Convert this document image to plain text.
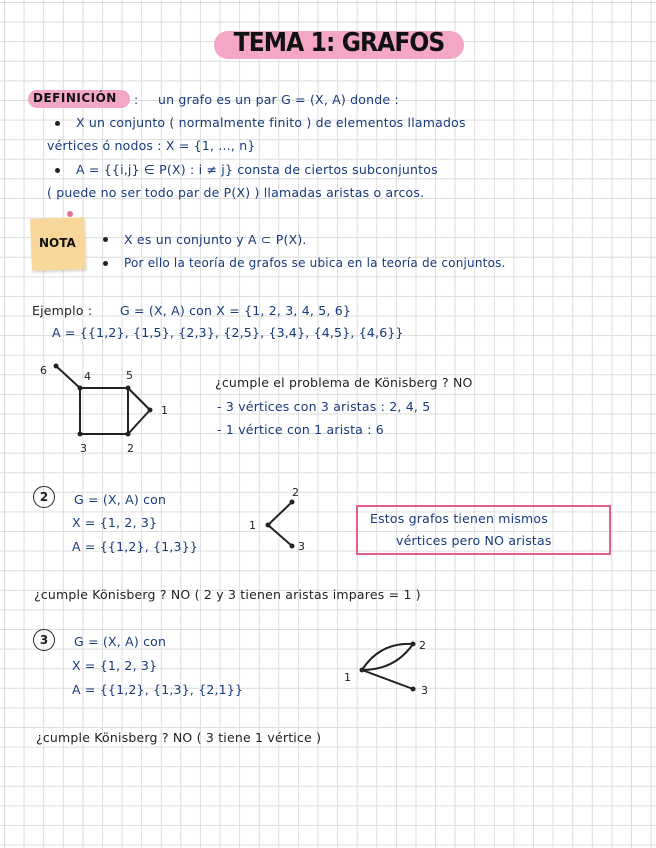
TEMA 1: GRAFOS
DEFINICIÓN : un grafo es un par G = (X, A) donde :
X un conjunto ( normalmente finito ) de elementos llamados
vértices ó nodos : X = {1, ..., n}
A = {{i,j} ∈ P(X) : i ≠ j} consta de ciertos subconjuntos
( puede no ser todo par de P(X) ) llamadas aristas o arcos.
NOTA	X es un conjunto y A ⊂ P(X).
Por ello la teoría de grafos se ubica en la teoría de conjuntos.
Ejemplo : G = (X, A) con X = {1, 2, 3, 4, 5, 6}
A = {{1,2}, {1,5}, {2,3}, {2,5}, {3,4}, {4,5}, {4,6}}
6	4	5
1
3	2
¿cumple el problema de Könisberg ? NO
- 3 vértices con 3 aristas : 2, 4, 5
- 1 vértice con 1 arista : 6
2	G = (X, A) con
X = {1, 2, 3}
A = {{1,2}, {1,3}}
2
1
3
Estos grafos tienen mismos
vértices pero NO aristas
¿cumple Könisberg ? NO ( 2 y 3 tienen aristas impares = 1 )
3	G = (X, A) con
X = {1, 2, 3}
A = {{1,2}, {1,3}, {2,1}}
2
1
3
¿cumple Könisberg ? NO ( 3 tiene 1 vértice )
